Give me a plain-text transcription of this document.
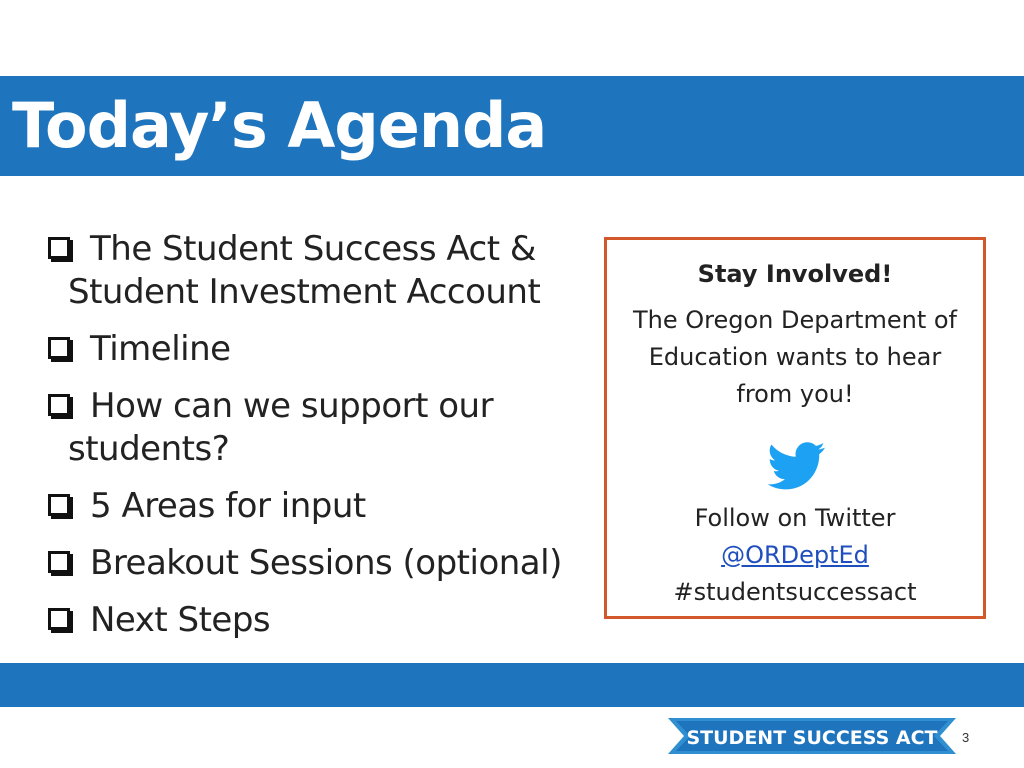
Today’s Agenda
The Student Success Act &
Student Investment Account
Timeline
How can we support our
students?
5 Areas for input
Breakout Sessions (optional)
Next Steps
Stay Involved!
The Oregon Department of
Education wants to hear
from you!
Follow on Twitter
@ORDeptEd
#studentsuccessact
STUDENT SUCCESS ACT 3
